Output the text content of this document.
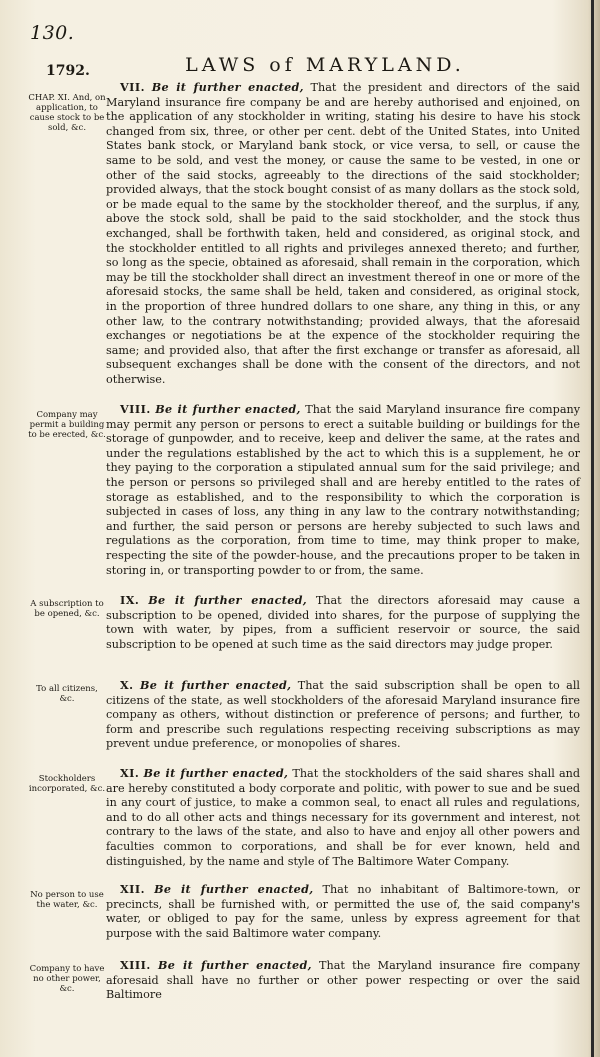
130.
1792.	LAWS of MARYLAND.
CHAP. XI. And, on application, to cause stock to be sold, &c.

VII. Be it further enacted, That the president and directors of the said Maryland insurance fire company be and are hereby authorised and enjoined, on the application of any stockholder in writing, stating his desire to have his stock changed from six, three, or other per cent. debt of the United States, into United States bank stock, or Maryland bank stock, or vice versa, to sell, or cause the same to be sold, and vest the money, or cause the same to be vested, in one or other of the said stocks, agreeably to the directions of the said stockholder; provided always, that the stock bought consist of as many dollars as the stock sold, or be made equal to the same by the stockholder thereof, and the surplus, if any, above the stock sold, shall be paid to the said stockholder, and the stock thus exchanged, shall be forthwith taken, held and considered, as original stock, and the stockholder entitled to all rights and privileges annexed thereto; and further, so long as the specie, obtained as aforesaid, shall remain in the corporation, which may be till the stockholder shall direct an investment thereof in one or more of the aforesaid stocks, the same shall be held, taken and considered, as original stock, in the proportion of three hundred dollars to one share, any thing in this, or any other law, to the contrary notwithstanding; provided always, that the aforesaid exchanges or negotiations be at the expence of the stockholder requiring the same; and provided also, that after the first exchange or transfer as aforesaid, all subsequent exchanges shall be done with the consent of the directors, and not otherwise.

Company may permit a building to be erected, &c.

VIII. Be it further enacted, That the said Maryland insurance fire company may permit any person or persons to erect a suitable building or buildings for the storage of gunpowder, and to receive, keep and deliver the same, at the rates and under the regulations established by the act to which this is a supplement, he or they paying to the corporation a stipulated annual sum for the said privilege; and the person or persons so privileged shall and are hereby entitled to the rates of storage as established, and to the responsibility to which the corporation is subjected in cases of loss, any thing in any law to the contrary notwithstanding; and further, the said person or persons are hereby subjected to such laws and regulations as the corporation, from time to time, may think proper to make, respecting the site of the powder-house, and the precautions proper to be taken in storing in, or transporting powder to or from, the same.

A subscription to be opened, &c.

IX. Be it further enacted, That the directors aforesaid may cause a subscription to be opened, divided into shares, for the purpose of supplying the town with water, by pipes, from a sufficient reservoir or source, the said subscription to be opened at such time as the said directors may judge proper.

To all citizens, &c.

X. Be it further enacted, That the said subscription shall be open to all citizens of the state, as well stockholders of the aforesaid Maryland insurance fire company as others, without distinction or preference of persons; and further, to form and prescribe such regulations respecting receiving subscriptions as may prevent undue preference, or monopolies of shares.

Stockholders incorporated, &c.

XI. Be it further enacted, That the stockholders of the said shares shall and are hereby constituted a body corporate and politic, with power to sue and be sued in any court of justice, to make a common seal, to enact all rules and regulations, and to do all other acts and things necessary for its government and interest, not contrary to the laws of the state, and also to have and enjoy all other powers and faculties common to corporations, and shall be for ever known, held and distinguished, by the name and style of The Baltimore Water Company.

No person to use the water, &c.

XII. Be it further enacted, That no inhabitant of Baltimore-town, or precincts, shall be furnished with, or permitted the use of, the said company's water, or obliged to pay for the same, unless by express agreement for that purpose with the said Baltimore water company.

Company to have no other power, &c.

XIII. Be it further enacted, That the Maryland insurance fire company aforesaid shall have no further or other power respecting or over the said Baltimore
